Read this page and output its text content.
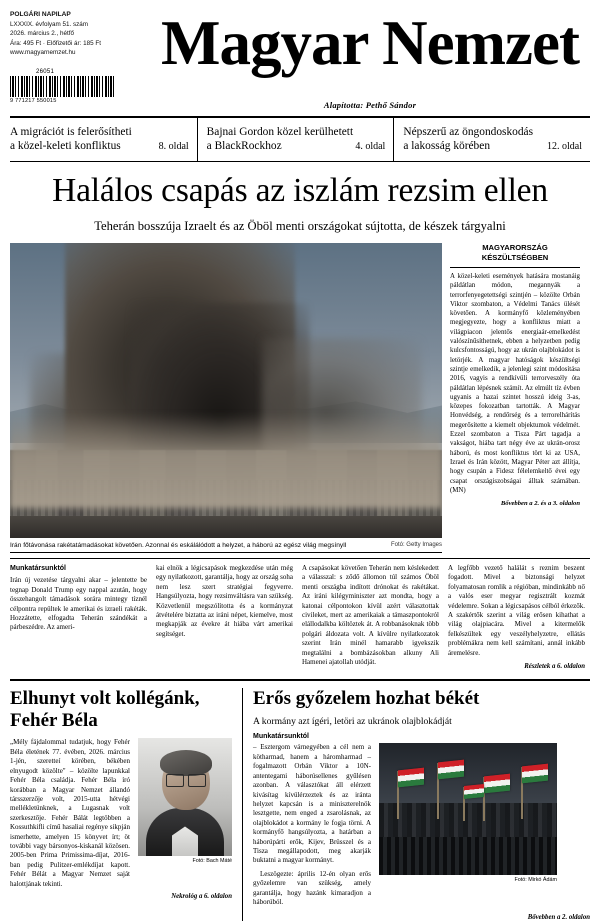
POLGÁRI NAPILAP
LXXXIX. évfolyam 51. szám
2026. március 2., hétfő
Ára: 495 Ft · Előfizetői ár: 185 Ft
www.magyarnemzet.hu
26051
9 771217 550015
Magyar Nemzet
Alapította: Pethő Sándor
A migrációt is felerősítheti
a közel-keleti konfliktus	8. oldal
Bajnai Gordon közel kerülhetett
a BlackRockhoz	4. oldal
Népszerű az öngondoskodás
a lakosság körében	12. oldal
Halálos csapás az iszlám rezsim ellen
Teherán bosszúja Izraelt és az Öböl menti országokat sújtotta, de készek tárgyalni
Irán főtávonása rakétatámadásokat követően. Azonnal és eskálálódott a helyzet, a háború az egész világ megsínylI	Fotó: Getty Images
MAGYARORSZÁG KÉSZÜLTSÉGBEN
A közel-keleti események hatására mostanáig páldátlan módon, megannyák a terrorfenyegetettségi szintjén – közölte Orbán Viktor szombaton, a Védelmi Tanács ülését követően. A kormányfő közleményében megjegyezte, hogy a konfliktus miatt a világpiacon jelentős energiaár-emelkedést valószínűsíthetnek, ebben a helyzetben pedig kulcsfontosságú, hogy az ukrán olajblokádot is letörjék. A magyar hatóságok készültségi szintje emelkedik, a jelenlegi szint módosítása 2016, vagyis a rendkívüli terrorveszély óta páldátlan lépésnek számít. Az elmúlt tíz évben ugyanis a hazai szintet hosszú ideig 3-as, közepes fokozatban tartották. A Magyar Honvédség, a rendőrség és a terrorelhárítás megerősítette a kiemelt objektumok védelmét. Ezzel szombaton a Tisza Párt tagadja a vakságot, hiába tart négy éve az ukrán-orosz háború, és most konfliktus tört ki az USA, Izrael és Irán között, Magyar Péter azt állítja, hogy csupán a Fidesz félelemkeltő évei egy csapat országiszobságai álltak számában. (MN)
Bővebben a 2. és a 3. oldalon
Munkatársunktól

Irán új vezetése tárgyalni akar – jelentette be tegnap Donald Trump egy nappal azután, hogy összehangolt támadások sorára mintegy tíznél célpontra repültek le amerikai és izraeli rakéták. Hozzátette, elfogadta Teherán szándékát a párbeszédre. Az ameri-

kai elnök a légicsapások megkezdése után még egy nyilatkozott, garantálja, hogy az ország soha nem lesz szert stratégiai fegyverre. Hangsúlyozta, hogy rezsimváltásra van szükség. Közvetlenül megszólította és a kormányzat átvételére biztatta az iráni népet, kiemelve, most megkapják az évekre át hiába várt amerikai segítséget.

A csapásokat követően Teherán nem késlekedett a válasszal: s ződő állomon túl számos Öböl menti országba indított drónokat és rakétákat. Az iráni kilégyminiszter azt mondta, hogy a katonai célpontokon kívül azért választottak civileket, mert az amerikaiak a támaszpontokról elállodalkba költöztek át. A robbanásoknak több polgári áldozata volt. A kívülre nyilatkozatok szerint Irán minél hamarabb igyekszik megtalálni a bombázásokban alkuny Ali Hamenei ajatollah utódját.

A legfőbb vezető halálát s reznim beszent fogadott. Mivel a biztonsági helyzet folyamatosan romlik a régióban, mindinkább nő a valós eser megyar regisztrált kozmát védelemre. Sokan a légicsapásos célból érkezők. A szakértők szerint a világ erősen kihathat a világ olajpiacára. Mivel a kitermelők felkészültek egy veszélyhelyzetre, ellátás problémákra nem kell számítani, annál inkább áremelésre.

Részletek a 6. oldalon
Elhunyt volt kollégánk,
Fehér Béla
„Mély fájdalommal tudatjuk, hogy Fehér Béla életének 77. évében, 2026. március 1-jén, szeretteí körében, békében elnyugodt közölte" – közölte lapunkkal Fehér Béla családja. Fehér Béla író korábban a Magyar Nemzet állandó társszerzője volt, 2015-utta hétvégi mellékletünknek, a Lugasnak volt szerkesztője. Fehér Bálát legtöbben a Kossuthkifli című hasaliai regénye sikpján ismerhette, amelyen 15 könyvet írt; öt további vagy bársonyos-kiskanál közösen. 2005-ben Prima Primissima-díjat, 2016-ban pedig Pulitzer-emlékdíjat kapott. Fehér Bélát a Magyar Nemzet saját halottjának tekinti.
Fotó: Bach Máté
Nekrológ a 6. oldalon
Erős győzelem hozhat békét
A kormány azt ígéri, letöri az ukránok olajblokádját
Munkatársunktól

– Esztergom várnegyében a cél nem a kötharmad, hanem a háromharmad – fogalmazott Orbán Viktor a 10N-antentegami háborúsellenes gyűlésen azonban. A választókat áll elérzett kivásítag kívülérzeztek és az iránta helyzet kapcsán is a miniszterelnök lesztgette, nem enged a zsarolásnak, az olajblokádot a kormány le fogja törni. A kormányfő hangsúlyozta, a határban a háborúpárti erők, Kijev, Brüsszel és a Tisza megállapodott, meg akarják buktatni a magyar kormányt.

Leszögezte: április 12-én olyan erős győzelemre van szükség, amely garantálja, hogy hazánk kimaradjon a háborúból.

Fotó: Mirkó Ádám
Bővebben a 2. oldalon
